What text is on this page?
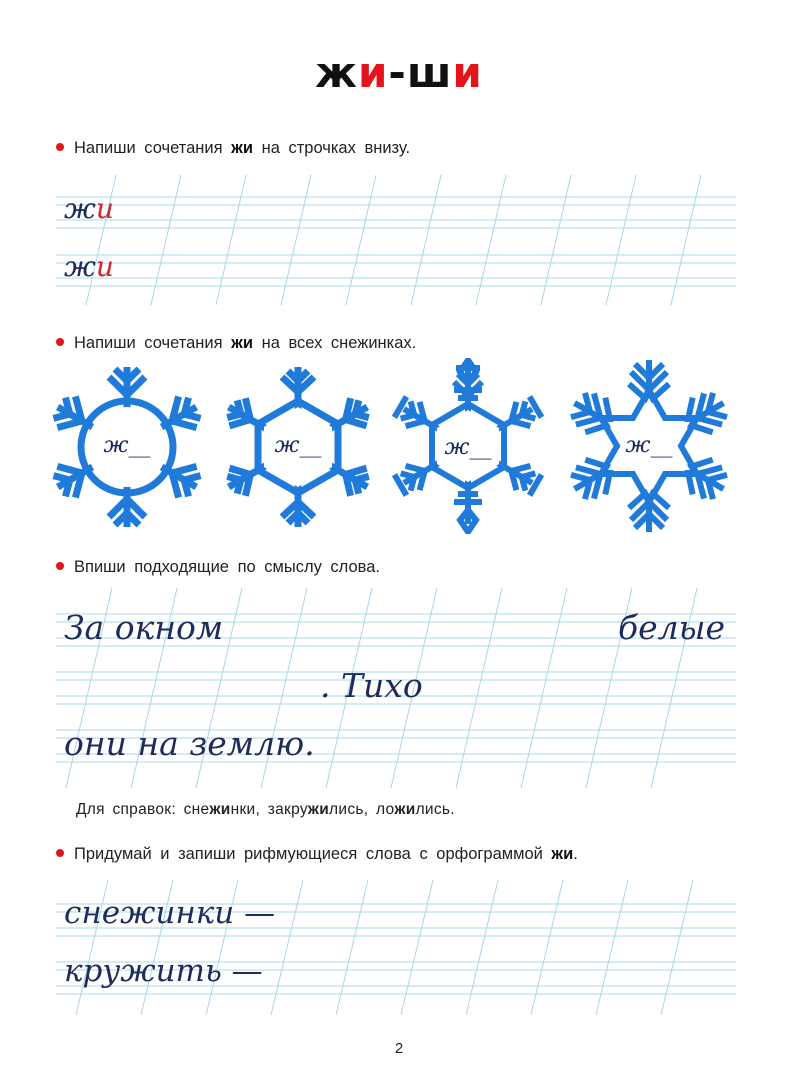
жи-ши
Напиши сочетания жи на строчках внизу.
жи
жи
Напиши сочетания жи на всех снежинках.
ж__	ж__	ж__	ж__
Впиши подходящие по смыслу слова.
За окном	белые
. Тихо
они на землю.
Для справок: снежинки, закружились, ложились.
Придумай и запиши рифмующиеся слова с орфограммой жи.
снежинки —
кружить —
2
